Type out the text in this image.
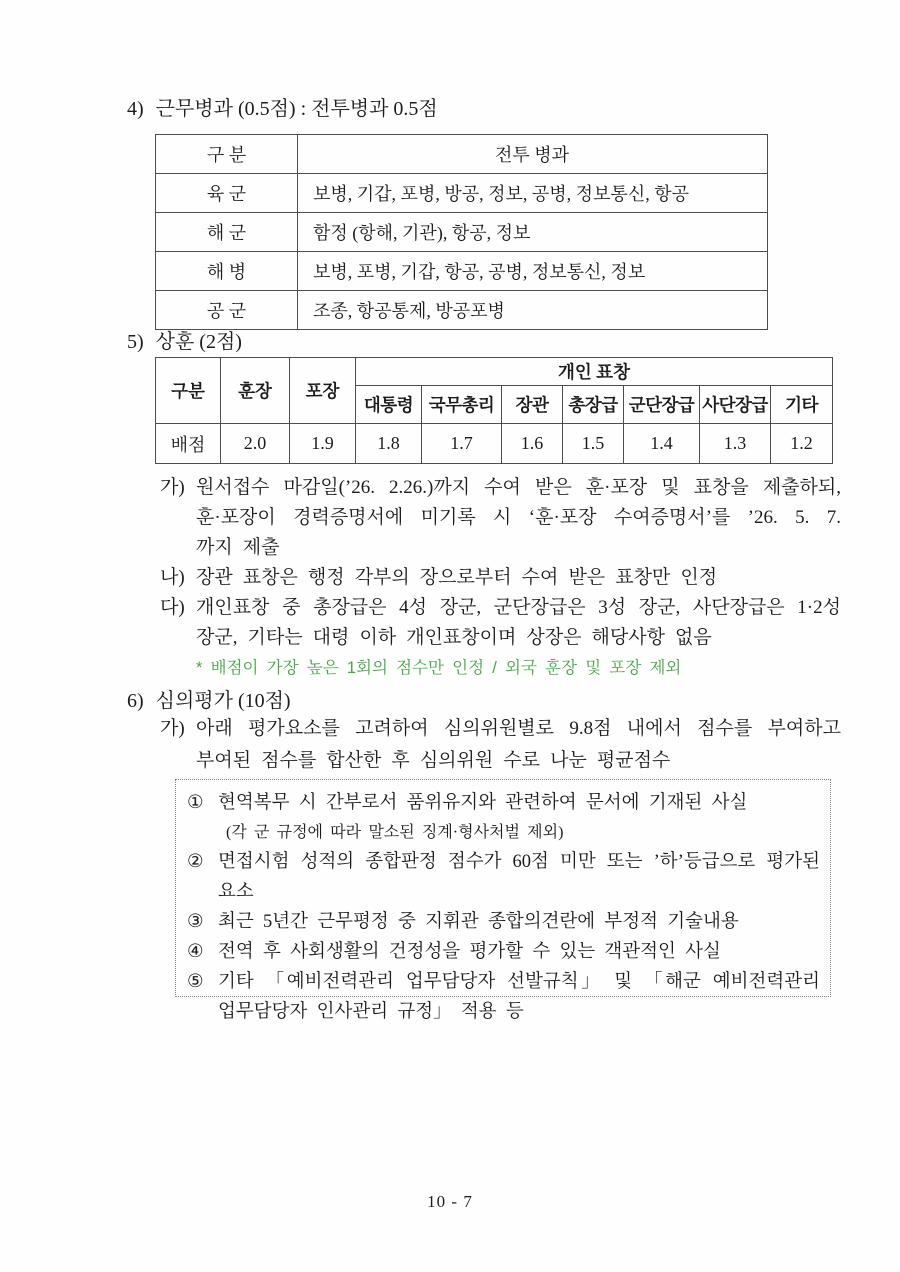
4) 근무병과 (0.5점) : 전투병과 0.5점
구 분	전투 병과
육 군	보병, 기갑, 포병, 방공, 정보, 공병, 정보통신, 항공
해 군	함정 (항해, 기관), 항공, 정보
해 병	보병, 포병, 기갑, 항공, 공병, 정보통신, 정보
공 군	조종, 항공통제, 방공포병
5) 상훈 (2점)
구분	훈장	포장	개인 표창						
			대통령	국무총리	장관	총장급	군단장급	사단장급	기타
배점	2.0	1.9	1.8	1.7	1.6	1.5	1.4	1.3	1.2
가) 원서접수 마감일(’26. 2.26.)까지 수여 받은 훈·포장 및 표창을 제출하되,
훈·포장이 경력증명서에 미기록 시 ‘훈·포장 수여증명서’를 ’26. 5. 7.
까지 제출
나) 장관 표창은 행정 각부의 장으로부터 수여 받은 표창만 인정
다) 개인표창 중 총장급은 4성 장군, 군단장급은 3성 장군, 사단장급은 1·2성
장군, 기타는 대령 이하 개인표창이며 상장은 해당사항 없음
* 배점이 가장 높은 1회의 점수만 인정 / 외국 훈장 및 포장 제외
6) 심의평가 (10점)
가) 아래 평가요소를 고려하여 심의위원별로 9.8점 내에서 점수를 부여하고
부여된 점수를 합산한 후 심의위원 수로 나눈 평균점수
① 현역복무 시 간부로서 품위유지와 관련하여 문서에 기재된 사실
(각 군 규정에 따라 말소된 징계·형사처벌 제외)
② 면접시험 성적의 종합판정 점수가 60점 미만 또는 ’하’등급으로 평가된 요소
③ 최근 5년간 근무평정 중 지휘관 종합의견란에 부정적 기술내용
④ 전역 후 사회생활의 건정성을 평가할 수 있는 객관적인 사실
⑤ 기타 「예비전력관리 업무담당자 선발규칙」 및 「해군 예비전력관리
업무담당자 인사관리 규정」 적용 등
10 - 7
